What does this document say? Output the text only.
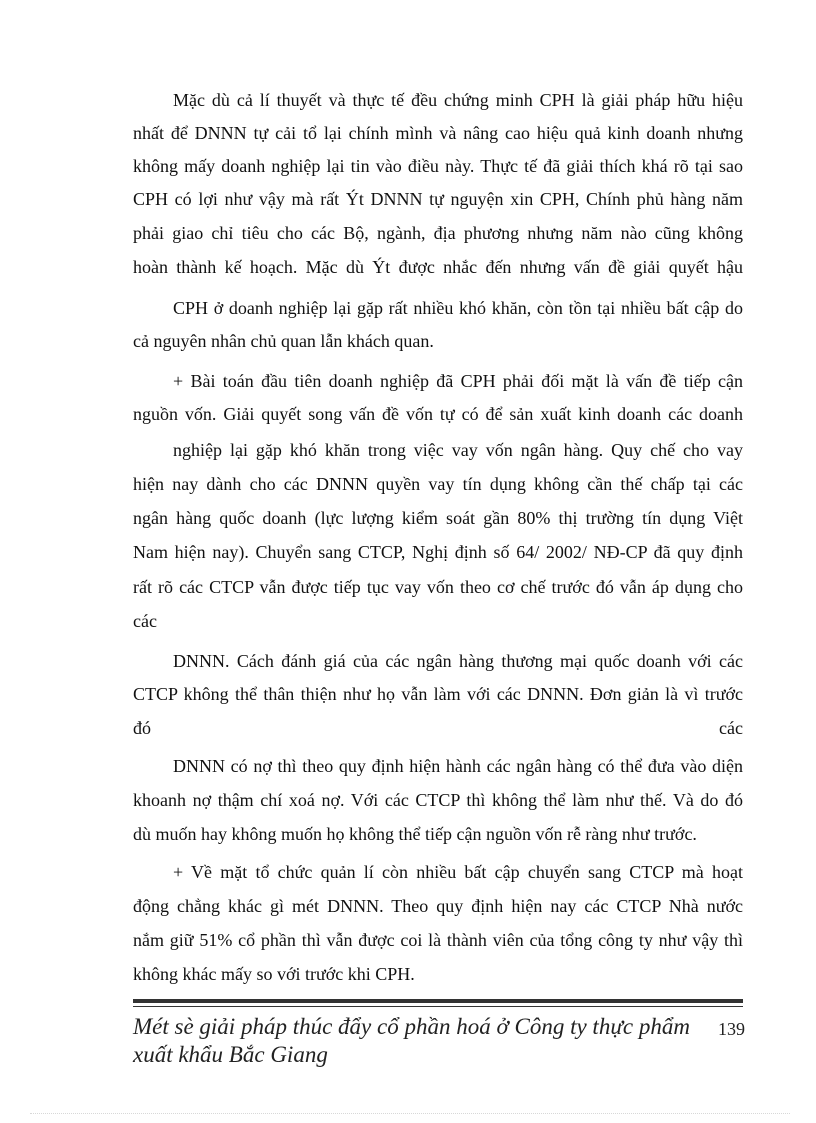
Mặc dù cả lí thuyết và thực tế đều chứng minh CPH là giải pháp hữu hiệu
nhất để DNNN tự cải tổ lại chính mình và nâng cao hiệu quả kinh doanh nhưng
không mấy doanh nghiệp lại tin vào điều này. Thực tế đã giải thích khá rõ tại sao
CPH có lợi như vậy mà rất Ýt DNNN tự nguyện xin CPH, Chính phủ hàng năm
phải giao chỉ tiêu cho các Bộ, ngành, địa phương nhưng năm nào cũng không
hoàn thành kế hoạch. Mặc dù Ýt được nhắc đến nhưng vấn đề giải quyết hậu
CPH ở doanh nghiệp lại gặp rất nhiều khó khăn, còn tồn tại nhiều bất cập do
cả nguyên nhân chủ quan lẫn khách quan.
+ Bài toán đầu tiên doanh nghiệp đã CPH phải đối mặt là vấn đề tiếp cận
nguồn vốn. Giải quyết song vấn đề vốn tự có để sản xuất kinh doanh các doanh
nghiệp lại gặp khó khăn trong việc vay vốn ngân hàng. Quy chế cho vay
hiện nay dành cho các DNNN quyền vay tín dụng không cần thế chấp tại các
ngân hàng quốc doanh (lực lượng kiểm soát gần 80% thị trường tín dụng Việt
Nam hiện nay). Chuyển sang CTCP, Nghị định số 64/ 2002/ NĐ-CP đã quy định
rất rõ các CTCP vẫn được tiếp tục vay vốn theo cơ chế trước đó vẫn áp dụng cho
các
DNNN. Cách đánh giá của các ngân hàng thương mại quốc doanh với các
CTCP không thể thân thiện như họ vẫn làm với các DNNN. Đơn giản là vì trước
đó	các
DNNN có nợ thì theo quy định hiện hành các ngân hàng có thể đưa vào diện
khoanh nợ thậm chí xoá nợ. Với các CTCP thì không thể làm như thế. Và do đó
dù muốn hay không muốn họ không thể tiếp cận nguồn vốn rễ ràng như trước.
+ Về mặt tổ chức quản lí còn nhiều bất cập chuyển sang CTCP mà hoạt
động chẳng khác gì mét DNNN. Theo quy định hiện nay các CTCP Nhà nước
nắm giữ 51% cổ phần thì vẫn được coi là thành viên của tổng công ty như vậy thì
không khác mấy so với trước khi CPH.
Mét sè giải pháp thúc đẩy cổ phần hoá ở Công ty thực phẩm
xuất khẩu Bắc Giang
139
